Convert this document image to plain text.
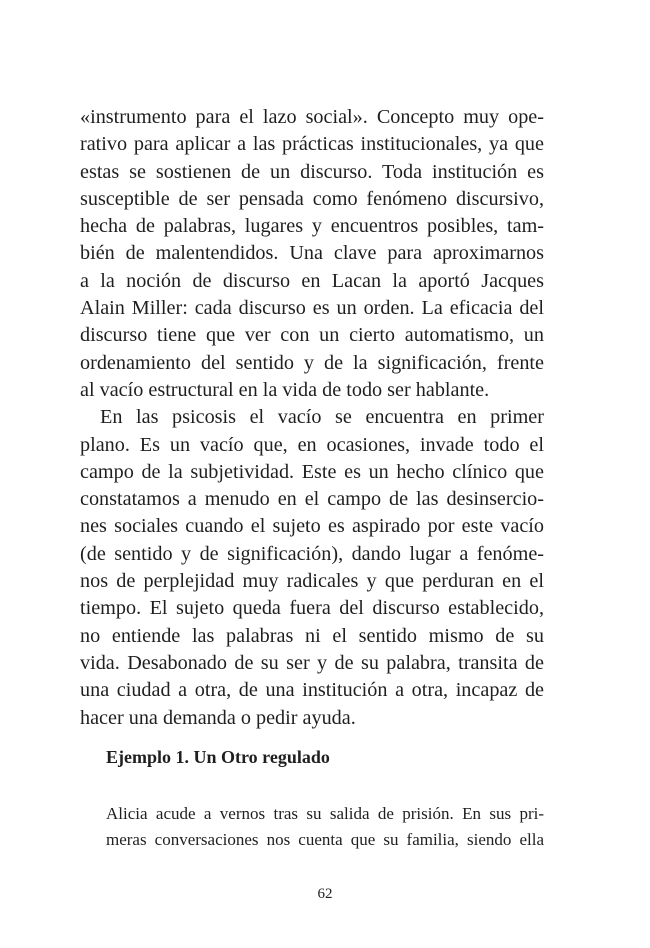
«instrumento para el lazo social». Concepto muy ope-
rativo para aplicar a las prácticas institucionales, ya que
estas se sostienen de un discurso. Toda institución es
susceptible de ser pensada como fenómeno discursivo,
hecha de palabras, lugares y encuentros posibles, tam-
bién de malentendidos. Una clave para aproximarnos
a la noción de discurso en Lacan la aportó Jacques
Alain Miller: cada discurso es un orden. La eficacia del
discurso tiene que ver con un cierto automatismo, un
ordenamiento del sentido y de la significación, frente
al vacío estructural en la vida de todo ser hablante.
En las psicosis el vacío se encuentra en primer
plano. Es un vacío que, en ocasiones, invade todo el
campo de la subjetividad. Este es un hecho clínico que
constatamos a menudo en el campo de las desinsercio-
nes sociales cuando el sujeto es aspirado por este vacío
(de sentido y de significación), dando lugar a fenóme-
nos de perplejidad muy radicales y que perduran en el
tiempo. El sujeto queda fuera del discurso establecido,
no entiende las palabras ni el sentido mismo de su
vida. Desabonado de su ser y de su palabra, transita de
una ciudad a otra, de una institución a otra, incapaz de
hacer una demanda o pedir ayuda.
Ejemplo 1. Un Otro regulado
Alicia acude a vernos tras su salida de prisión. En sus pri-
meras conversaciones nos cuenta que su familia, siendo ella
62
